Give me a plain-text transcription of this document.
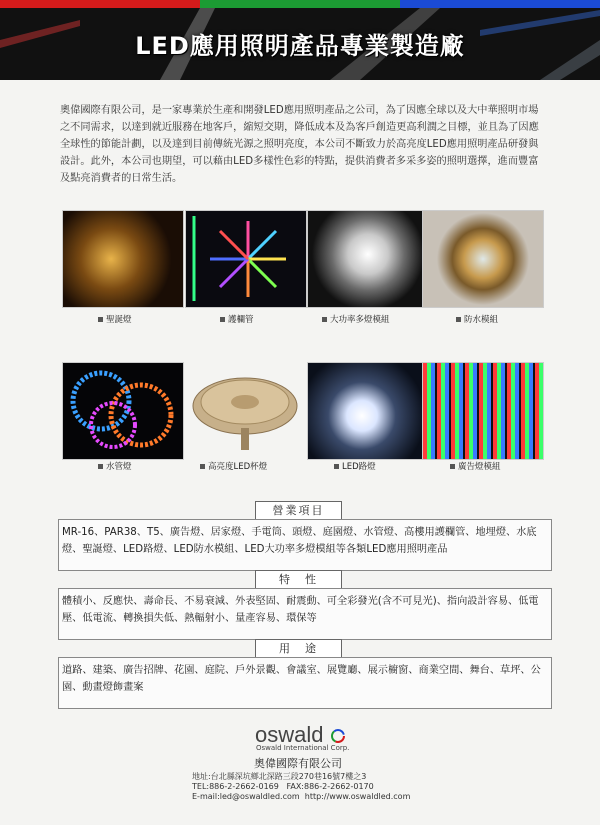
LED應用照明產品專業製造廠
奧偉國際有限公司，是一家專業於生產和開發LED應用照明產品之公司，為了因應全球以及大中華照明市場之不同需求，以達到就近服務在地客戶，縮短交期，降低成本及為客戶創造更高利潤之目標，並且為了因應全球性的節能計劃，以及達到目前傳統光源之照明亮度，本公司不斷致力於高亮度LED應用照明產品研發與設計。此外，本公司也期望，可以藉由LED多樣性色彩的特點，提供消費者多采多姿的照明選擇，進而豐富及點亮消費者的日常生活。
聖誕燈	護欄管	大功率多燈模組	防水模組
水管燈	高亮度LED杯燈	LED路燈	廣告燈模組
營業項目
MR-16、PAR38、T5、廣告燈、居家燈、手電筒、頭燈、庭園燈、水管燈、高樓用護欄管、地埋燈、水底燈、聖誕燈、LED路燈、LED防水模組、LED大功率多燈模組等各類LED應用照明產品
特　性
體積小、反應快、壽命長、不易衰減、外表堅固、耐震動、可全彩發光(含不可見光)、指向設計容易、低電壓、低電流、轉換損失低、熱輻射小、量產容易、環保等
用　途
道路、建築、廣告招牌、花園、庭院、戶外景觀、會議室、展覽廳、展示櫥窗、商業空間、舞台、草坪、公園、動畫燈飾畫案
oswald
Oswald International Corp.
奧偉國際有限公司
地址:台北縣深坑鄉北深路三段270巷16號7樓之3
TEL:886-2-2662-0169 FAX:886-2-2662-0170
E-mail:led@oswaldled.com http://www.oswaldled.com
